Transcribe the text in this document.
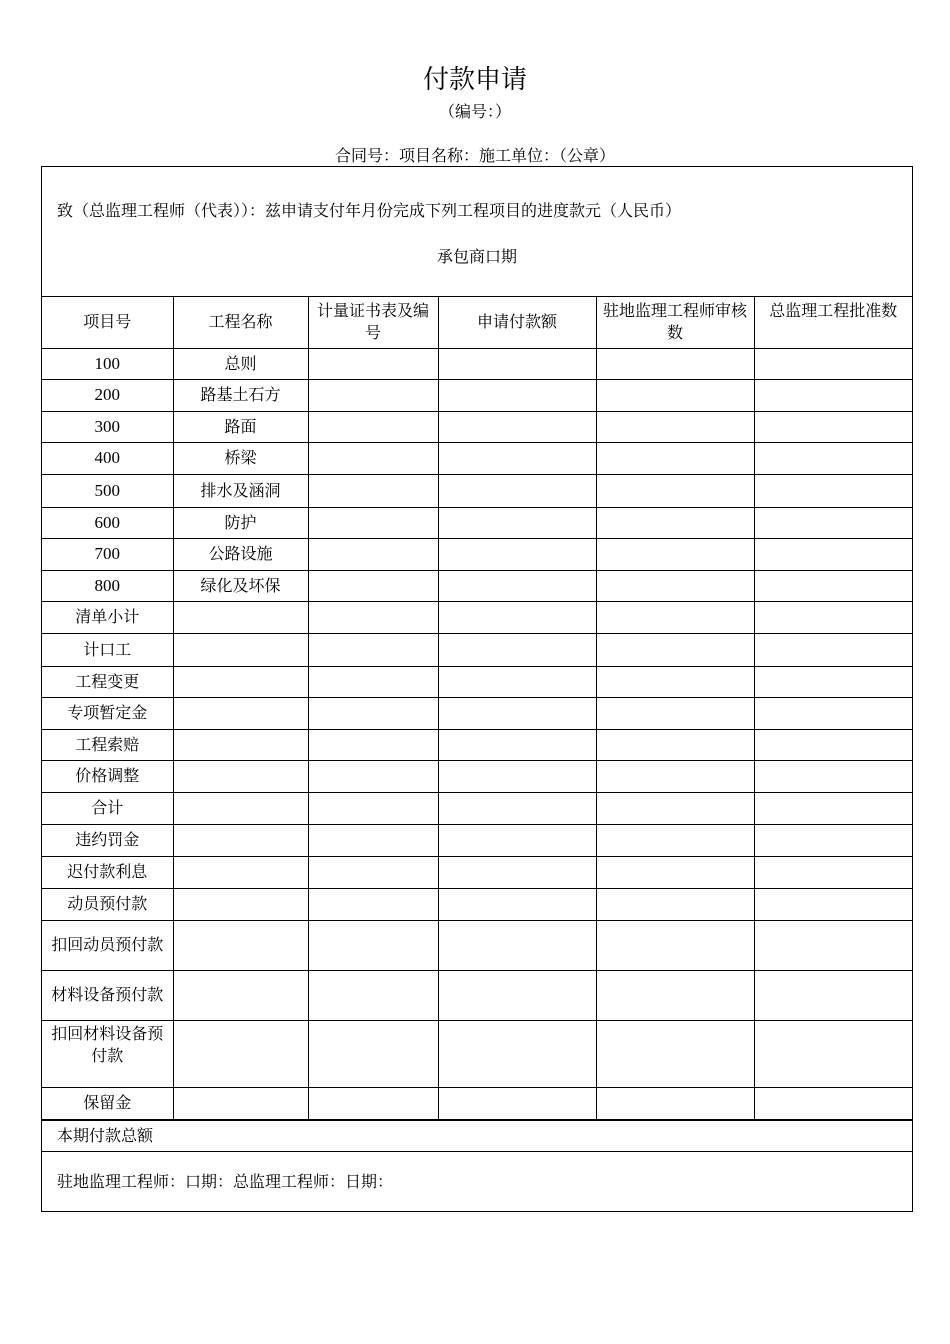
付款申请
（编号：）
合同号：项目名称：施工单位：（公章）
致（总监理工程师（代表））：兹申请支付年月份完成下列工程项目的进度款元（人民币）
承包商口期
项目号	工程名称	计量证书表及编号	申请付款额	驻地监理工程师审核数	总监理工程批准数
100	总则				
200	路基土石方				
300	路面				
400	桥梁				
500	排水及涵洞				
600	防护				
700	公路设施				
800	绿化及坏保				
清单小计					
计口工					
工程变更					
专项暂定金					
工程索赔					
价格调整					
合计					
违约罚金					
迟付款利息					
动员预付款					
扣回动员预付款					
材料设备预付款					
扣回材料设备预付款					
保留金					
本期付款总额
驻地监理工程师：口期：总监理工程师：日期：
